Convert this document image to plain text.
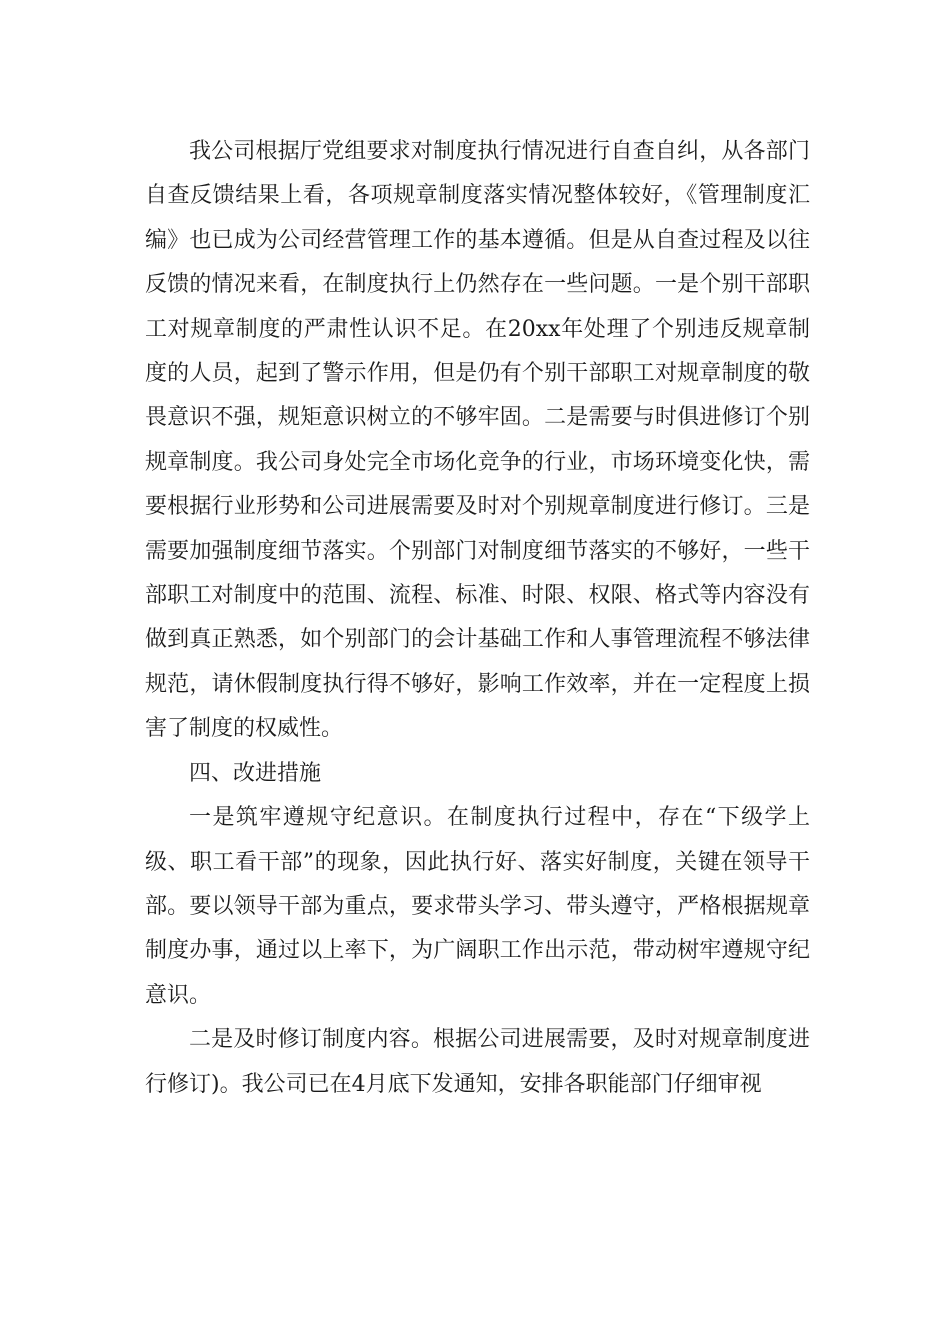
我公司根据厅党组要求对制度执行情况进行自查自纠，从各部门自查反馈结果上看，各项规章制度落实情况整体较好，《管理制度汇编》也已成为公司经营管理工作的基本遵循。但是从自查过程及以往反馈的情况来看，在制度执行上仍然存在一些问题。一是个别干部职工对规章制度的严肃性认识不足。在20xx年处理了个别违反规章制度的人员，起到了警示作用，但是仍有个别干部职工对规章制度的敬畏意识不强，规矩意识树立的不够牢固。二是需要与时俱进修订个别规章制度。我公司身处完全市场化竞争的行业，市场环境变化快，需要根据行业形势和公司进展需要及时对个别规章制度进行修订。三是需要加强制度细节落实。个别部门对制度细节落实的不够好，一些干部职工对制度中的范围、流程、标准、时限、权限、格式等内容没有做到真正熟悉，如个别部门的会计基础工作和人事管理流程不够法律规范，请休假制度执行得不够好，影响工作效率，并在一定程度上损害了制度的权威性。

四、改进措施

一是筑牢遵规守纪意识。在制度执行过程中，存在“下级学上级、职工看干部”的现象，因此执行好、落实好制度，关键在领导干部。要以领导干部为重点，要求带头学习、带头遵守，严格根据规章制度办事，通过以上率下，为广阔职工作出示范，带动树牢遵规守纪意识。

二是及时修订制度内容。根据公司进展需要，及时对规章制度进行修订)。我公司已在4月底下发通知，安排各职能部门仔细审视
